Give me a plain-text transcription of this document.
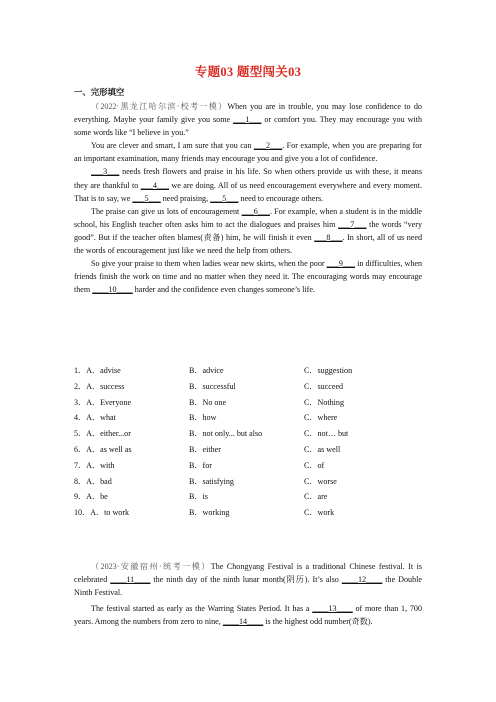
专题03 题型闯关03
一、完形填空

（2022·黑龙江哈尔滨·校考一模）When you are in trouble, you may lose confidence to do everything. Maybe your family give you some ___1___ or comfort you. They may encourage you with some words like “I believe in you.”

You are clever and smart, I am sure that you can ___2___. For example, when you are preparing for an important examination, many friends may encourage you and give you a lot of confidence.

___3___ needs fresh flowers and praise in his life. So when others provide us with these, it means they are thankful to ___4___ we are doing. All of us need encouragement everywhere and every moment. That is to say, we ___5___ need praising, ___5___ need to encourage others.

The praise can give us lots of encouragement ___6___. For example, when a student is in the middle school, his English teacher often asks him to act the dialogues and praises him ___7___ the words “very good”. But if the teacher often blames(责备) him, he will finish it even ___8___. In short, all of us need the words of encouragement just like we need the help from others.

So give your praise to them when ladies wear new skirts, when the poor ___9___ in difficulties, when friends finish the work on time and no matter when they need it. The encouraging words may encourage them ____10____ harder and the confidence even changes someone’s life.

1．A．advise	B．advice	C．suggestion
2．A．success	B．successful	C．succeed
3．A．Everyone	B．No one	C．Nothing
4．A．what	B．how	C．where
5．A．either...or	B．not only... but also	C．not… but
6．A．as well as	B．either	C．as well
7．A．with	B．for	C．of
8．A．bad	B．satisfying	C．worse
9．A．be	B．is	C．are
10．A．to work	B．working	C．work

（2023·安徽宿州·统考一模）The Chongyang Festival is a traditional Chinese festival. It is celebrated ____11____ the ninth day of the ninth lunar month(阴历). It’s also ____12____ the Double Ninth Festival.

The festival started as early as the Warring States Period. It has a ____13____ of more than 1, 700 years. Among the numbers from zero to nine, ____14____ is the highest odd number(奇数).
